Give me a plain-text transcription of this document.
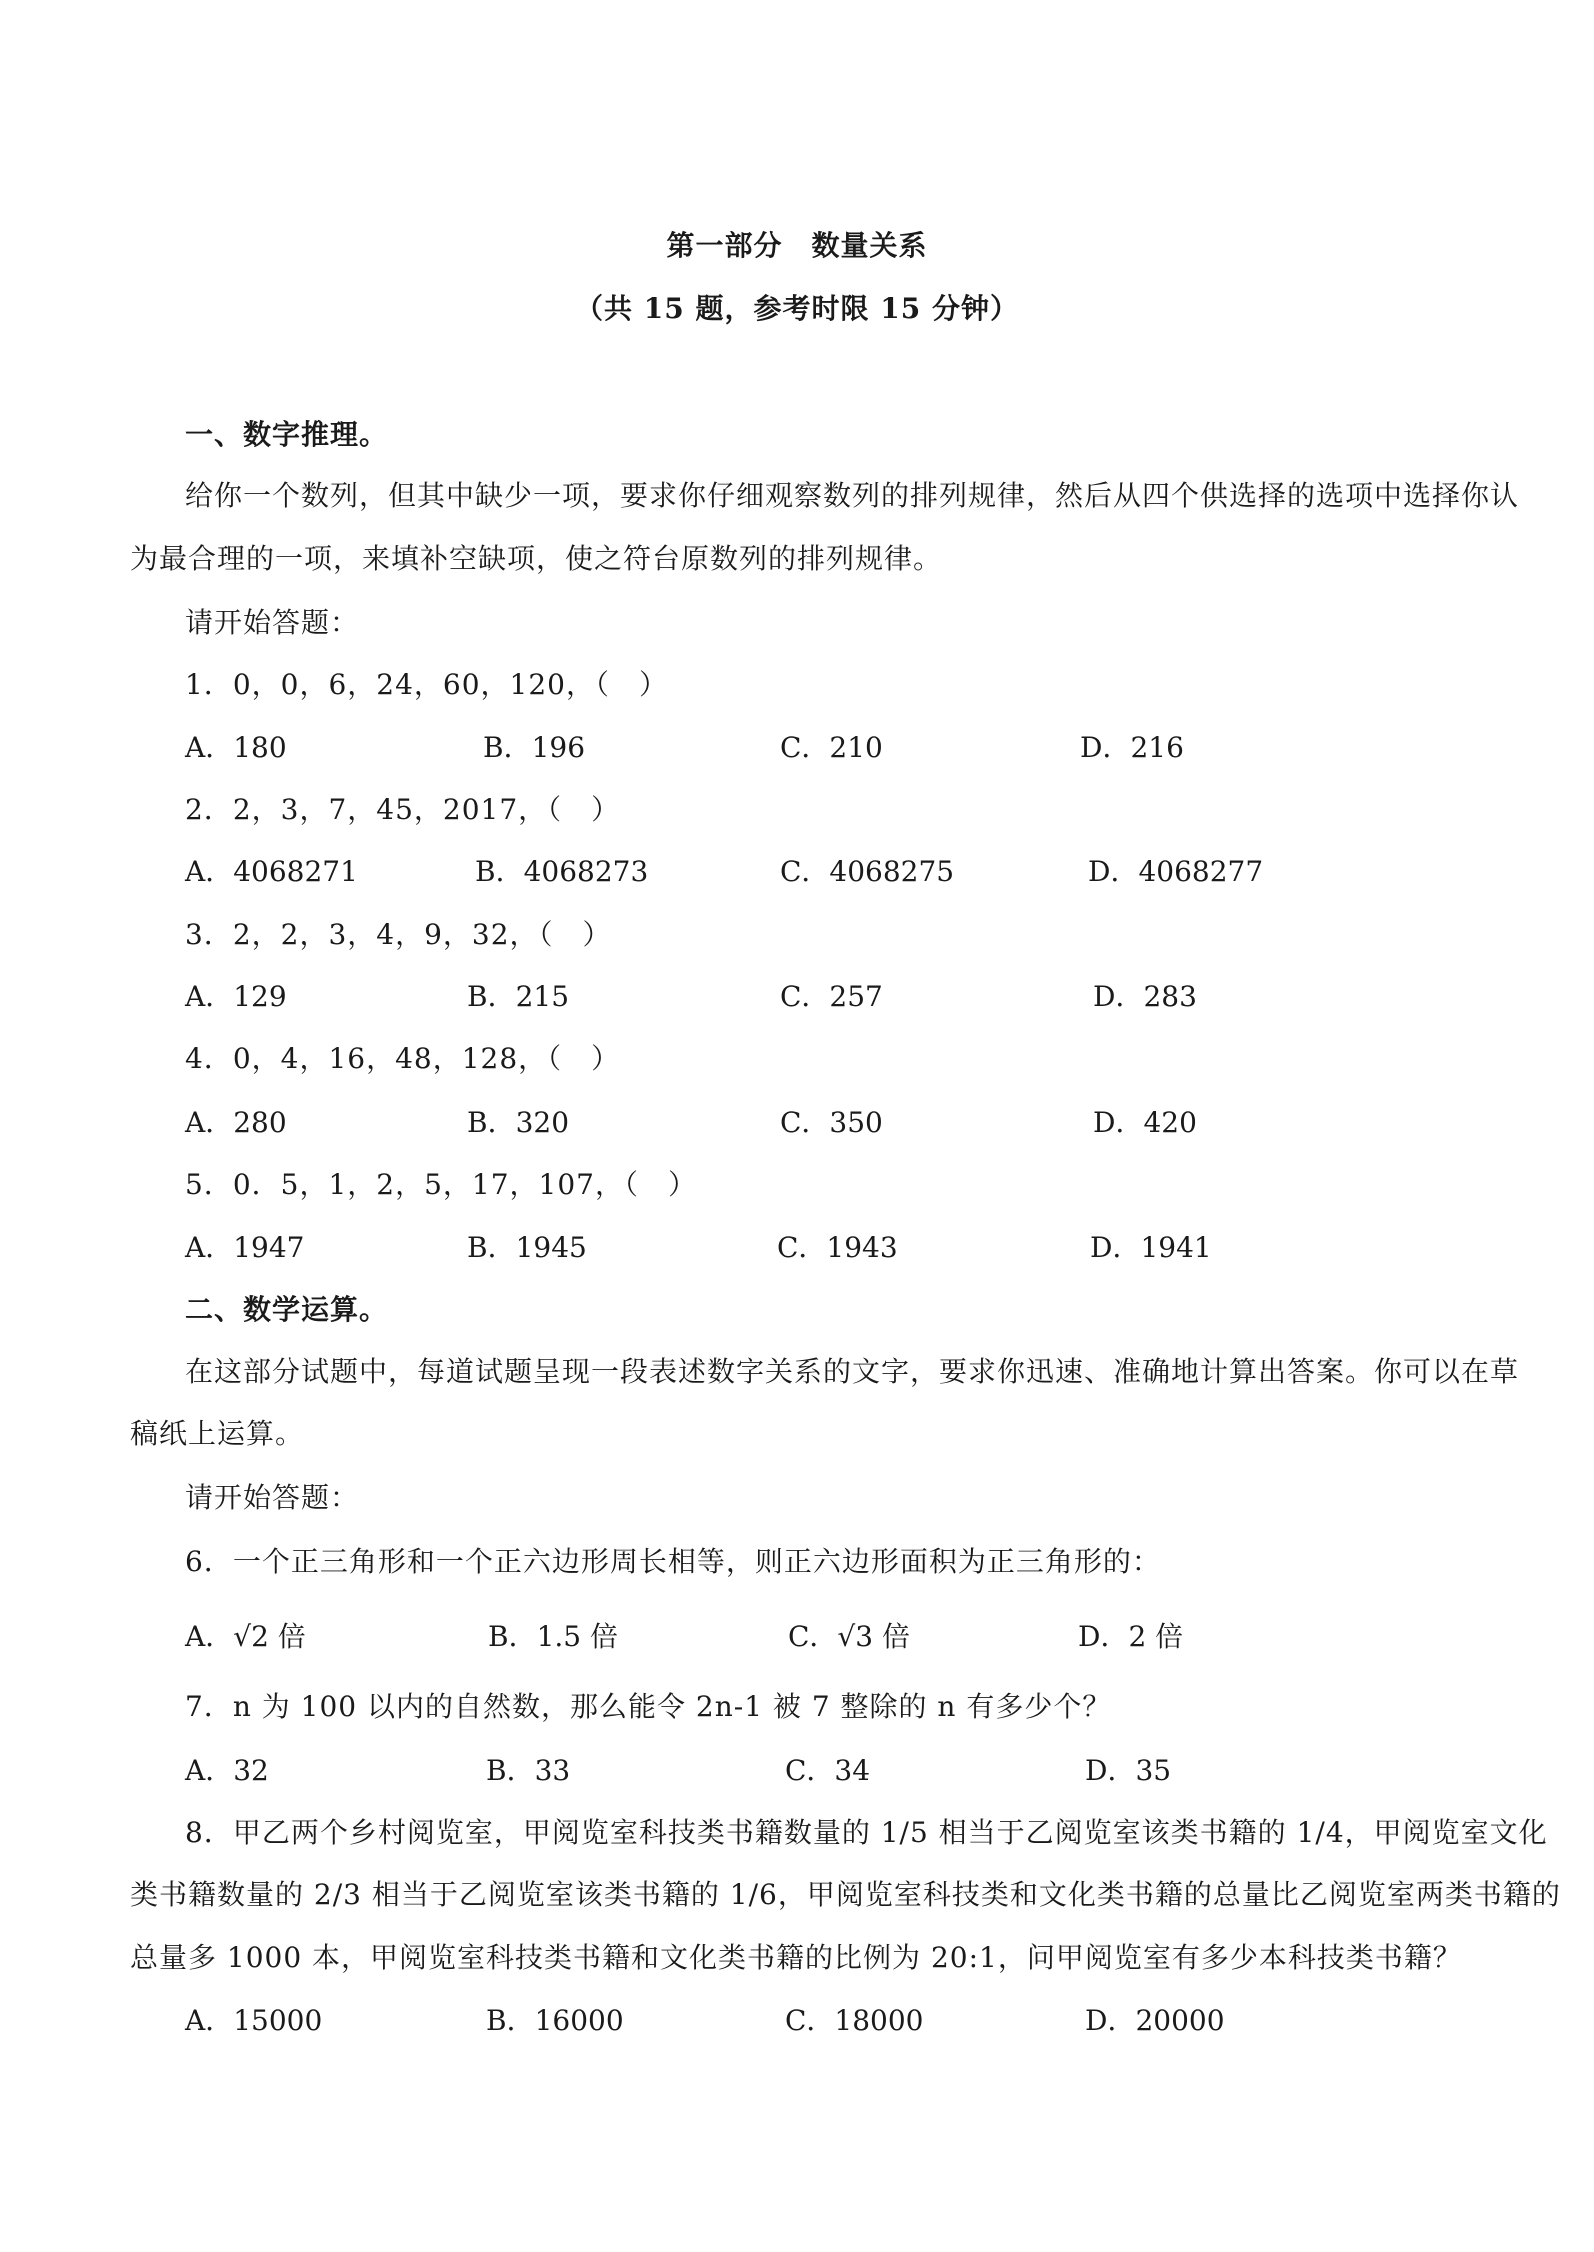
第一部分　数量关系
（共 15 题，参考时限 15 分钟）
一、数字推理。
给你一个数列，但其中缺少一项，要求你仔细观察数列的排列规律，然后从四个供选择的选项中选择你认
为最合理的一项，来填补空缺项，使之符台原数列的排列规律。
请开始答题：
1．0，0，6，24，60，120，（　）
A．180	B．196	C．210	D．216
2．2，3，7，45，2017，（　）
A．4068271	B．4068273	C．4068275	D．4068277
3．2，2，3，4，9，32，（　）
A．129	B．215	C．257	D．283
4．0，4，16，48，128，（　）
A．280	B．320	C．350	D．420
5．0．5，1，2，5，17，107，（　）
A．1947	B．1945	C．1943	D．1941
二、数学运算。
在这部分试题中，每道试题呈现一段表述数字关系的文字，要求你迅速、准确地计算出答案。你可以在草
稿纸上运算。
请开始答题：
6．一个正三角形和一个正六边形周长相等，则正六边形面积为正三角形的：
A．√2 倍	B．1.5 倍	C．√3 倍	D．2 倍
7．n 为 100 以内的自然数，那么能令 2n-1 被 7 整除的 n 有多少个？
A．32	B．33	C．34	D．35
8．甲乙两个乡村阅览室，甲阅览室科技类书籍数量的 1/5 相当于乙阅览室该类书籍的 1/4，甲阅览室文化
类书籍数量的 2/3 相当于乙阅览室该类书籍的 1/6，甲阅览室科技类和文化类书籍的总量比乙阅览室两类书籍的
总量多 1000 本，甲阅览室科技类书籍和文化类书籍的比例为 20:1，问甲阅览室有多少本科技类书籍？
A．15000	B．16000	C．18000	D．20000
